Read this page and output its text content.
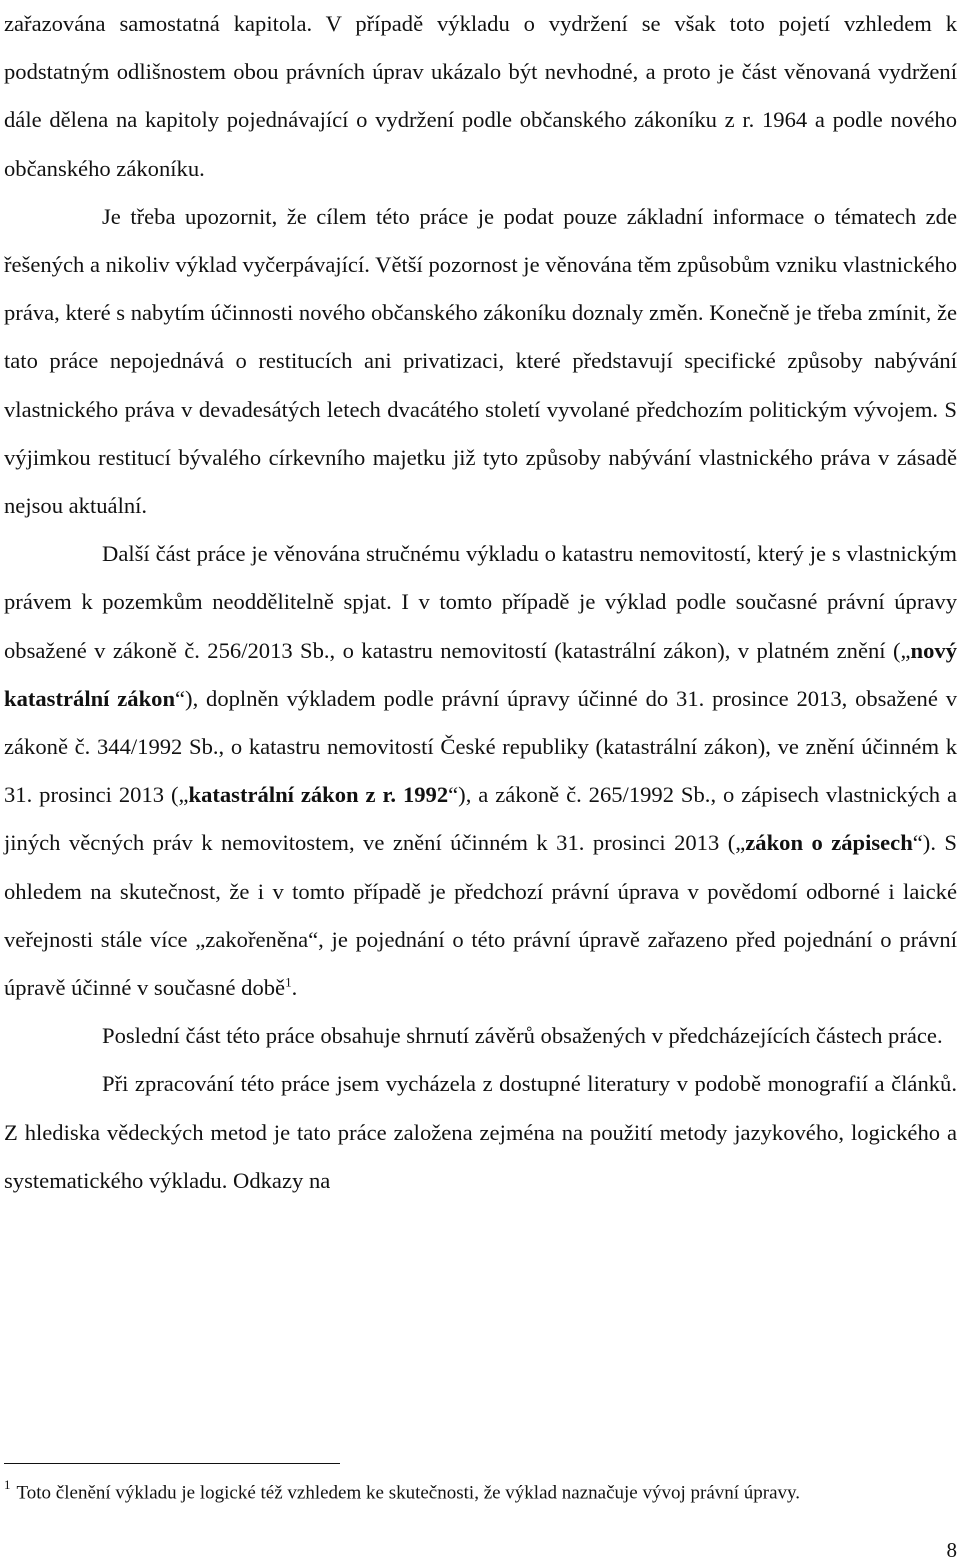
zařazována samostatná kapitola. V případě výkladu o vydržení se však toto pojetí vzhledem k podstatným odlišnostem obou právních úprav ukázalo být nevhodné, a proto je část věnovaná vydržení dále dělena na kapitoly pojednávající o vydržení podle občanského zákoníku z r. 1964 a podle nového občanského zákoníku.

Je třeba upozornit, že cílem této práce je podat pouze základní informace o tématech zde řešených a nikoliv výklad vyčerpávající. Větší pozornost je věnována těm způsobům vzniku vlastnického práva, které s nabytím účinnosti nového občanského zákoníku doznaly změn. Konečně je třeba zmínit, že tato práce nepojednává o restitucích ani privatizaci, které představují specifické způsoby nabývání vlastnického práva v devadesátých letech dvacátého století vyvolané předchozím politickým vývojem. S výjimkou restitucí bývalého církevního majetku již tyto způsoby nabývání vlastnického práva v zásadě nejsou aktuální.

Další část práce je věnována stručnému výkladu o katastru nemovitostí, který je s vlastnickým právem k pozemkům neoddělitelně spjat. I v tomto případě je výklad podle současné právní úpravy obsažené v zákoně č. 256/2013 Sb., o katastru nemovitostí (katastrální zákon), v platném znění („nový katastrální zákon“), doplněn výkladem podle právní úpravy účinné do 31. prosince 2013, obsažené v zákoně č. 344/1992 Sb., o katastru nemovitostí České republiky (katastrální zákon), ve znění účinném k 31. prosinci 2013 („katastrální zákon z r. 1992“), a zákoně č. 265/1992 Sb., o zápisech vlastnických a jiných věcných práv k nemovitostem, ve znění účinném k 31. prosinci 2013 („zákon o zápisech“). S ohledem na skutečnost, že i v tomto případě je předchozí právní úprava v povědomí odborné i laické veřejnosti stále více „zakořeněna“, je pojednání o této právní úpravě zařazeno před pojednání o právní úpravě účinné v současné době$^1$.

Poslední část této práce obsahuje shrnutí závěrů obsažených v předcházejících částech práce.

Při zpracování této práce jsem vycházela z dostupné literatury v podobě monografií a článků. Z hlediska vědeckých metod je tato práce založena zejména na použití metody jazykového, logického a systematického výkladu. Odkazy na

$^1$ Toto členění výkladu je logické též vzhledem ke skutečnosti, že výklad naznačuje vývoj právní úpravy.
8
